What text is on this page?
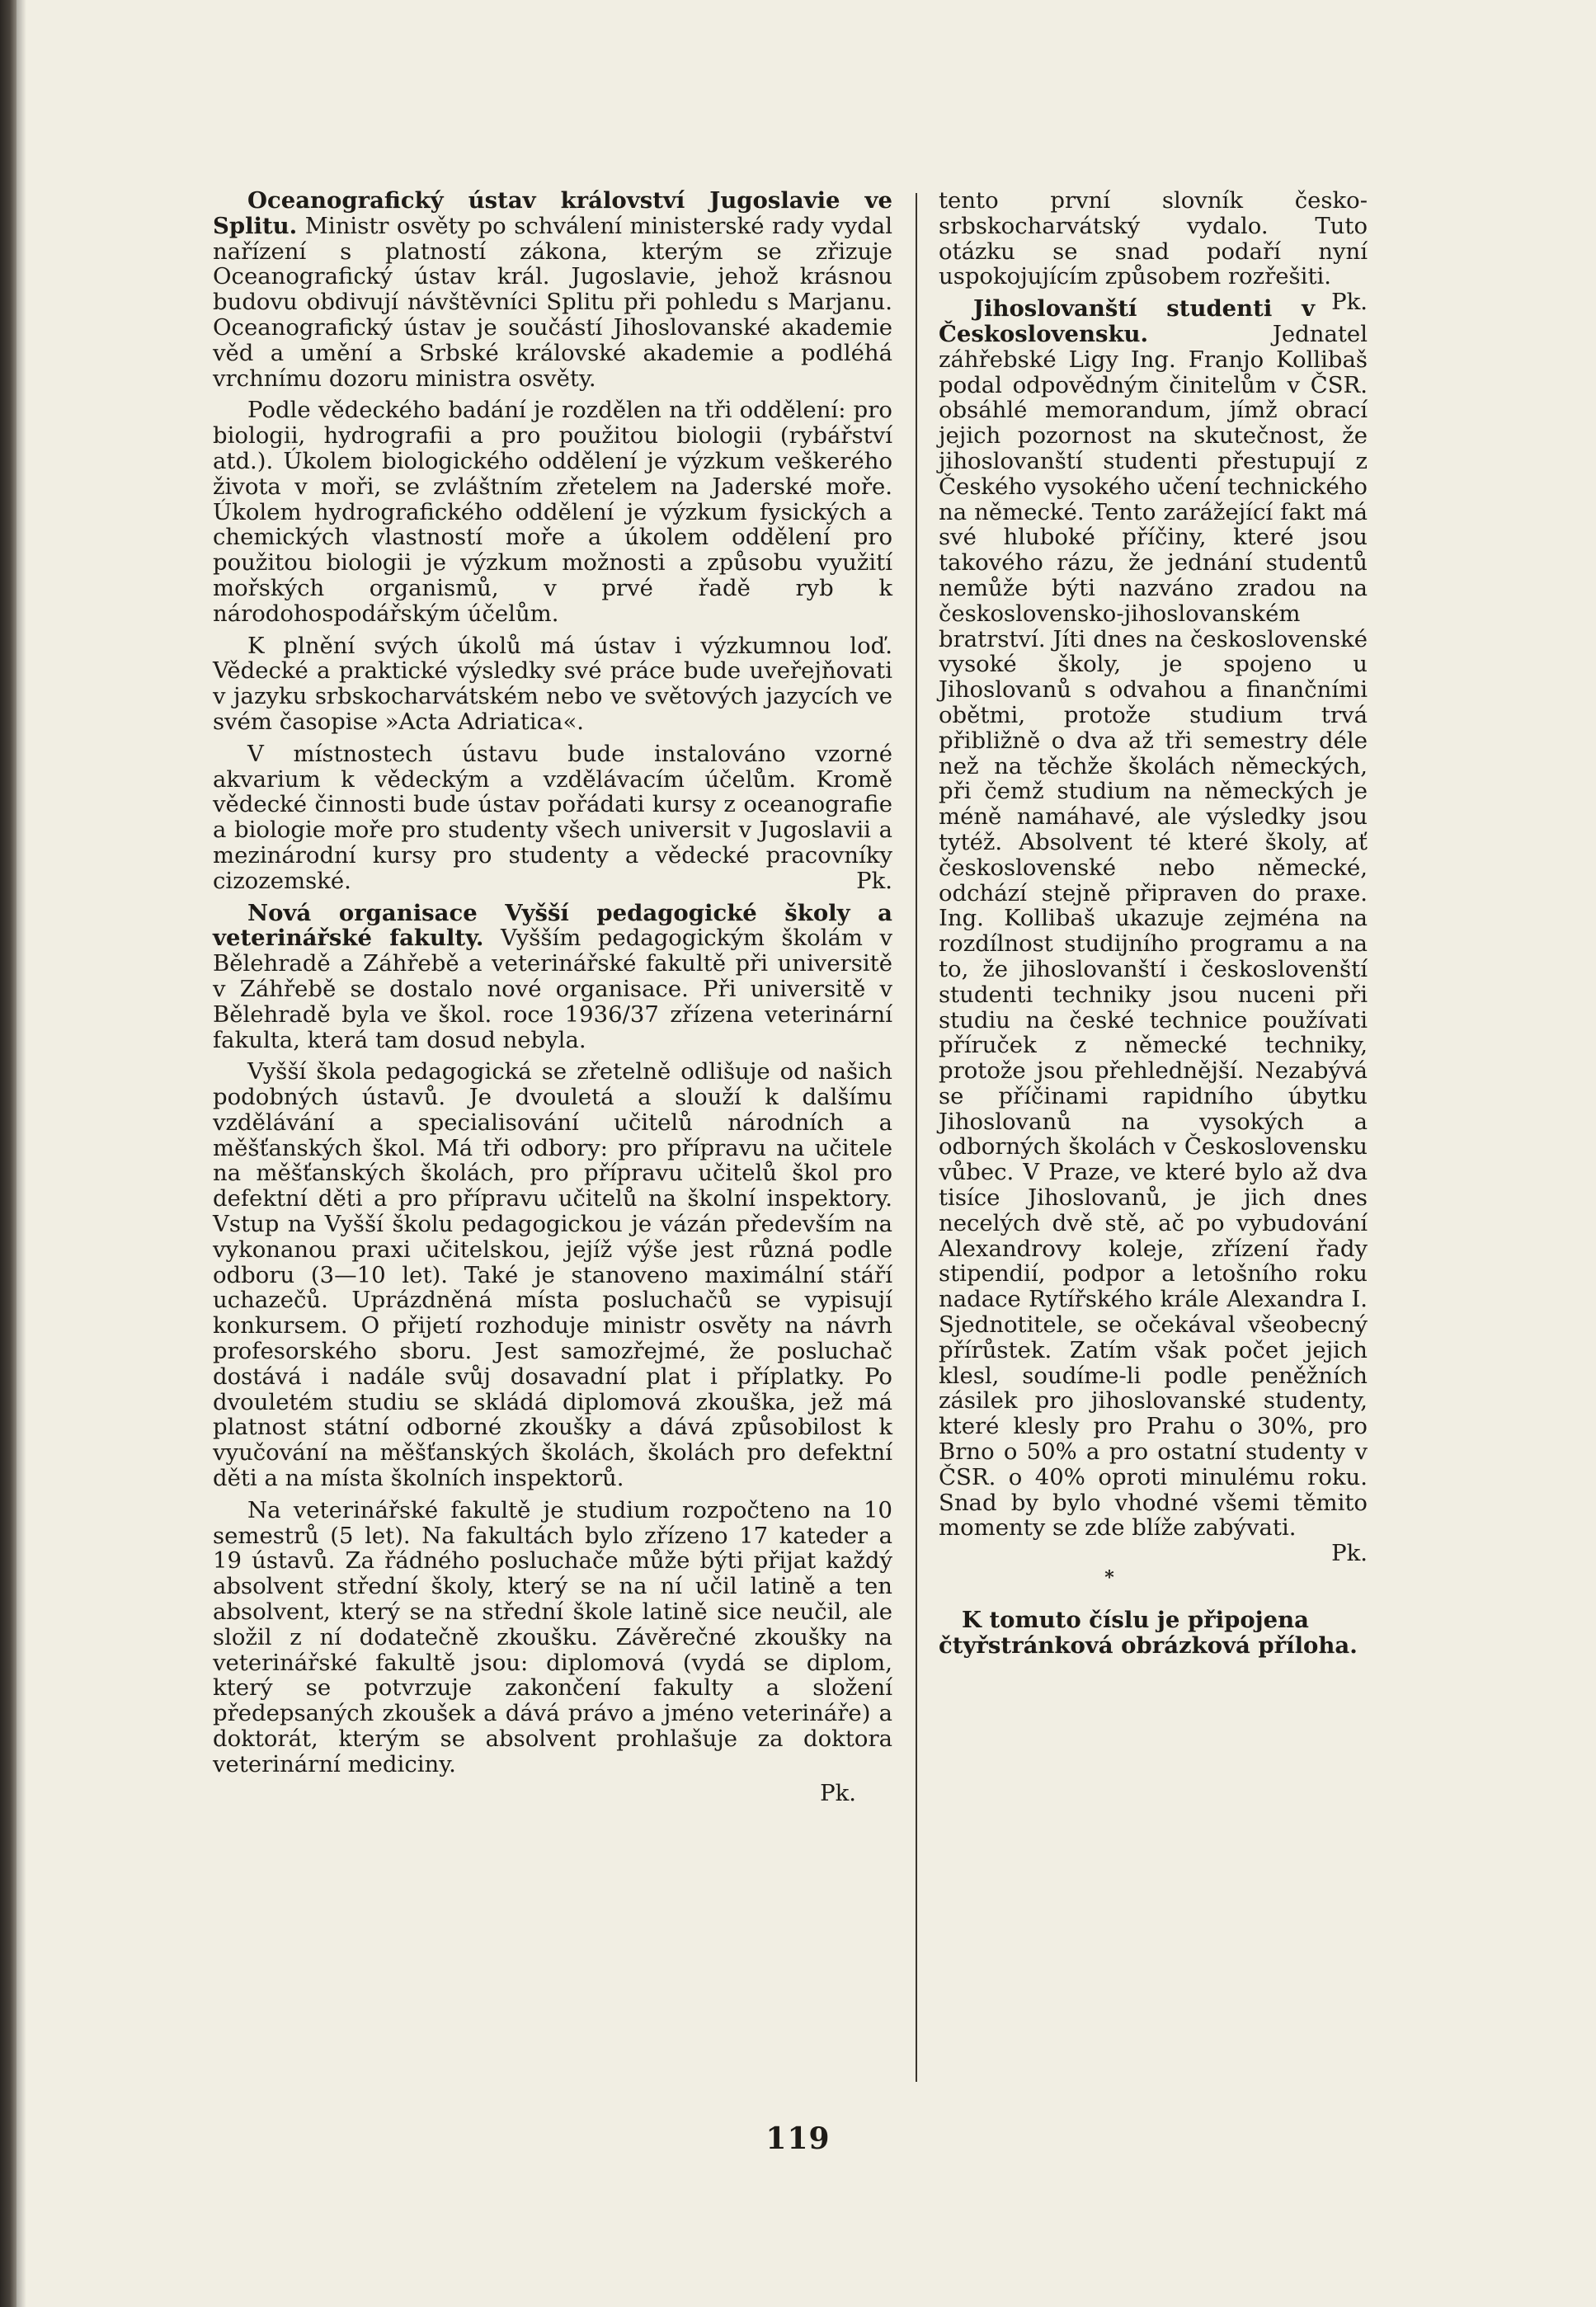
Oceanografický ústav království Jugoslavie ve Splitu. Ministr osvěty po schválení ministerské rady vydal nařízení s platností zákona, kterým se zřizuje Oceanografický ústav král. Jugoslavie, jehož krásnou budovu obdivují návštěvníci Splitu při pohledu s Marjanu. Oceanografický ústav je součástí Jihoslovanské akademie věd a umění a Srbské královské akademie a podléhá vrchnímu dozoru ministra osvěty.

Podle vědeckého badání je rozdělen na tři oddělení: pro biologii, hydrografii a pro použitou biologii (rybářství atd.). Úkolem biologického oddělení je výzkum veškerého života v moři, se zvláštním zřetelem na Jaderské moře. Úkolem hydrografického oddělení je výzkum fysických a chemických vlastností moře a úkolem oddělení pro použitou biologii je výzkum možnosti a způsobu využití mořských organismů, v prvé řadě ryb k národohospodářským účelům.

K plnění svých úkolů má ústav i výzkumnou loď. Vědecké a praktické výsledky své práce bude uveřejňovati v jazyku srbskocharvátském nebo ve světových jazycích ve svém časopise »Acta Adriatica«.

V místnostech ústavu bude instalováno vzorné akvarium k vědeckým a vzdělávacím účelům. Kromě vědecké činnosti bude ústav pořádati kursy z oceanografie a biologie moře pro studenty všech universit v Jugoslavii a mezinárodní kursy pro studenty a vědecké pracovníky cizozemské.	Pk.

Nová organisace Vyšší pedagogické školy a veterinářské fakulty. Vyšším pedagogickým školám v Bělehradě a Záhřebě a veterinářské fakultě při universitě v Záhřebě se dostalo nové organisace. Při universitě v Bělehradě byla ve škol. roce 1936/37 zřízena veterinární fakulta, která tam dosud nebyla.

Vyšší škola pedagogická se zřetelně odlišuje od našich podobných ústavů. Je dvouletá a slouží k dalšímu vzdělávání a specialisování učitelů národních a měšťanských škol. Má tři odbory: pro přípravu na učitele na měšťanských školách, pro přípravu učitelů škol pro defektní děti a pro přípravu učitelů na školní inspektory. Vstup na Vyšší školu pedagogickou je vázán především na vykonanou praxi učitelskou, jejíž výše jest různá podle odboru (3—10 let). Také je stanoveno maximální stáří uchazečů. Uprázdněná místa posluchačů se vypisují konkursem. O přijetí rozhoduje ministr osvěty na návrh profesorského sboru. Jest samozřejmé, že posluchač dostává i nadále svůj dosavadní plat i příplatky. Po dvouletém studiu se skládá diplomová zkouška, jež má platnost státní odborné zkoušky a dává způsobilost k vyučování na měšťanských školách, školách pro defektní děti a na místa školních inspektorů.

Na veterinářské fakultě je studium rozpočteno na 10 semestrů (5 let). Na fakultách bylo zřízeno 17 kateder a 19 ústavů. Za řádného posluchače může býti přijat každý absolvent střední školy, který se na ní učil latině a ten absolvent, který se na střední škole latině sice neučil, ale složil z ní dodatečně zkoušku. Závěrečné zkoušky na veterinářské fakultě jsou: diplomová (vydá se diplom, který se potvrzuje zakončení fakulty a složení předepsaných zkoušek a dává právo a jméno veterináře) a doktorát, kterým se absolvent prohlašuje za doktora veterinární mediciny.

Pk.

tento první slovník česko-srbskocharvátský vydalo. Tuto otázku se snad podaří nyní uspokojujícím způsobem rozřešiti.
Pk.

Jihoslovanští studenti v Československu.	Jednatel záhřebské Ligy Ing. Franjo Kollibaš podal odpovědným činitelům v ČSR. obsáhlé memorandum, jímž obrací jejich pozornost na skutečnost, že jihoslovanští studenti přestupují z Českého vysokého učení technického na německé. Tento zarážející fakt má své hluboké příčiny, které jsou takového rázu, že jednání studentů nemůže býti nazváno zradou na československo-jihoslovanském bratrství. Jíti dnes na československé vysoké školy, je spojeno u Jihoslovanů s odvahou a finančními obětmi, protože studium trvá přibližně o dva až tři semestry déle než na těchže školách německých, při čemž studium na německých je méně namáhavé, ale výsledky jsou tytéž. Absolvent té které školy, ať československé nebo německé, odchází stejně připraven do praxe. Ing. Kollibaš ukazuje zejména na rozdílnost studijního programu a na to, že jihoslovanští i českoslovenští studenti techniky jsou nuceni při studiu na české technice používati příruček z německé techniky, protože jsou přehlednější. Nezabývá se příčinami rapidního úbytku Jihoslovanů na vysokých a odborných školách v Československu vůbec. V Praze, ve které bylo až dva tisíce Jihoslovanů, je jich dnes necelých dvě stě, ač po vybudování Alexandrovy koleje, zřízení řady stipendií, podpor a letošního roku nadace Rytířského krále Alexandra I. Sjednotitele, se očekával všeobecný přírůstek. Zatím však počet jejich klesl, soudíme-li podle peněžních zásilek pro jihoslovanské studenty, které klesly pro Prahu o 30%, pro Brno o 50% a pro ostatní studenty v ČSR. o 40% oproti minulému roku. Snad by bylo vhodné všemi těmito momenty se zde blíže zabývati.
Pk.

*

K tomuto číslu je připojena čtyřstránková obrázková příloha.

119
